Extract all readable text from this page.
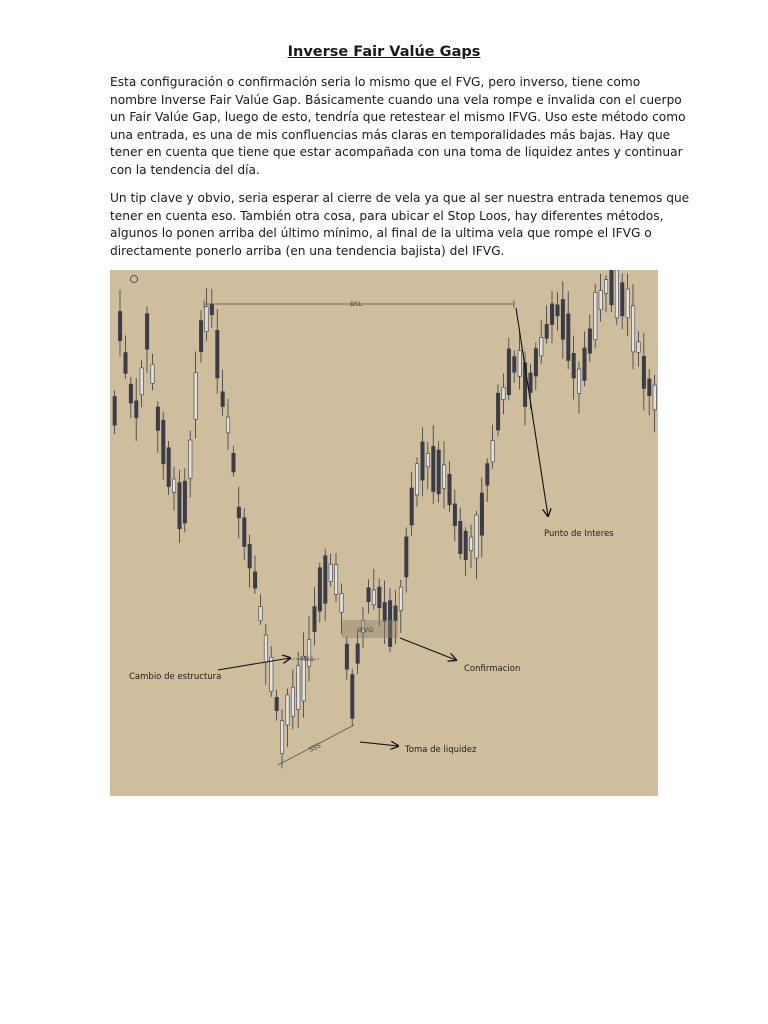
Inverse Fair Valúe Gaps
Esta configuración o confirmación seria lo mismo que el FVG, pero inverso, tiene como
nombre Inverse Fair Valúe Gap. Básicamente cuando una vela rompe e invalida con el cuerpo
un Fair Valúe Gap, luego de esto, tendría que retestear el mismo IFVG. Uso este método como
una entrada, es una de mis confluencias más claras en temporalidades más bajas. Hay que
tener en cuenta que tiene que estar acompañada con una toma de liquidez antes y continuar
con la tendencia del día.
Un tip clave y obvio, seria esperar al cierre de vela ya que al ser nuestra entrada tenemos que
tener en cuenta eso. También otra cosa, para ubicar el Stop Loos, hay diferentes métodos,
algunos lo ponen arriba del último mínimo, al final de la ultima vela que rompe el IFVG o
directamente ponerlo arriba (en una tendencia bajista) del IFVG.
IFVG
BSL
MSS
SSS
Cambio de estructura
Confirmacion
Toma de liquidez
Punto de Interes
